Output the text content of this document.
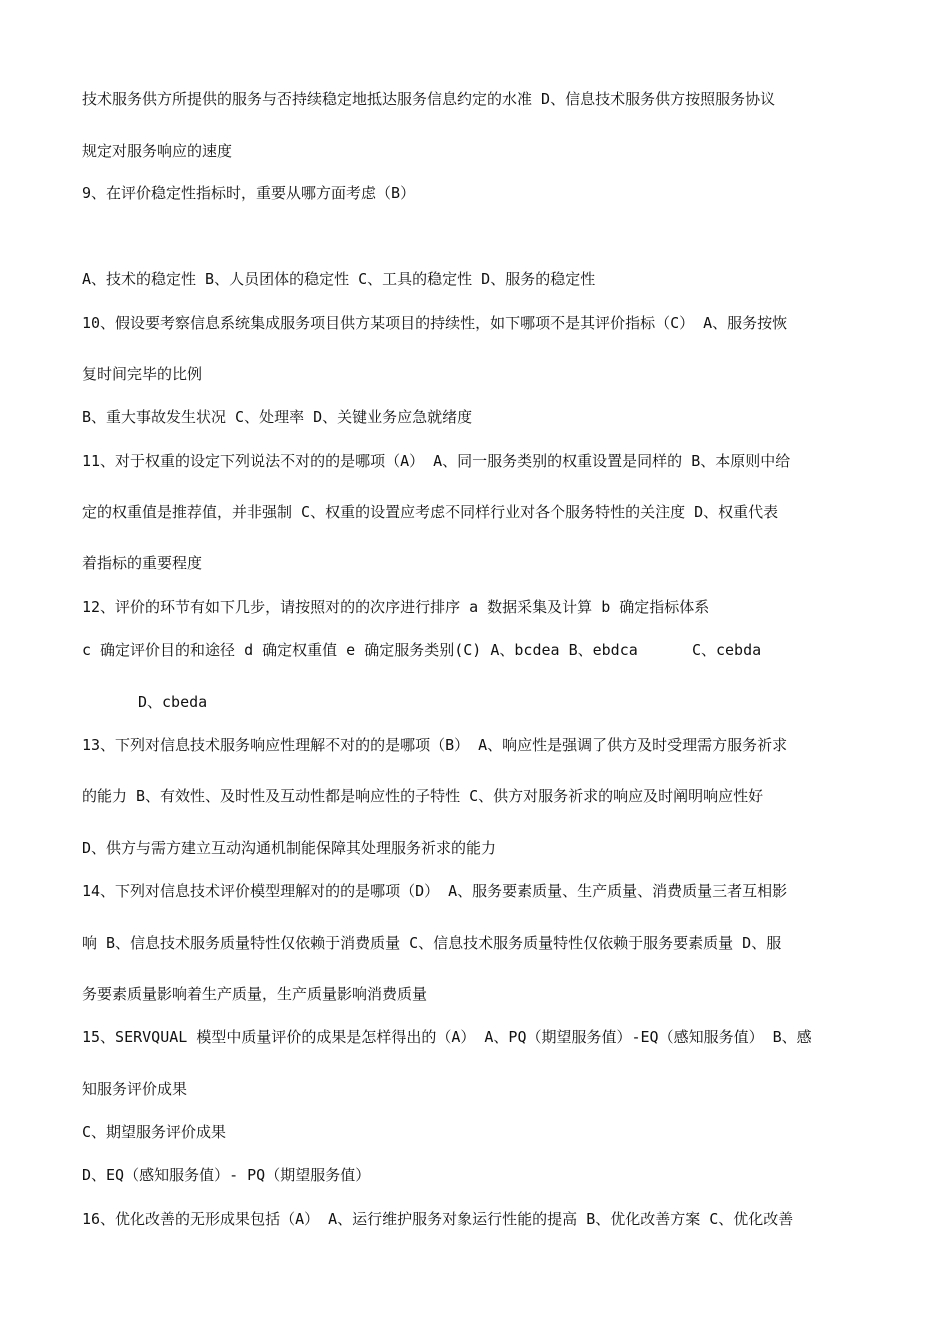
技术服务供方所提供的服务与否持续稳定地抵达服务信息约定的水准 D、信息技术服务供方按照服务协议
规定对服务响应的速度
9、在评价稳定性指标时，重要从哪方面考虑（B）
A、技术的稳定性 B、人员团体的稳定性 C、工具的稳定性 D、服务的稳定性
10、假设要考察信息系统集成服务项目供方某项目的持续性，如下哪项不是其评价指标（C） A、服务按恢
复时间完毕的比例
B、重大事故发生状况 C、处理率 D、关键业务应急就绪度
11、对于权重的设定下列说法不对的的是哪项（A） A、同一服务类别的权重设置是同样的 B、本原则中给
定的权重值是推荐值，并非强制 C、权重的设置应考虑不同样行业对各个服务特性的关注度 D、权重代表
着指标的重要程度
12、评价的环节有如下几步，请按照对的的次序进行排序 a 数据采集及计算 b 确定指标体系
c 确定评价目的和途径 d 确定权重值 e 确定服务类别(C) A、bcdea B、ebdca      C、cebda
D、cbeda
13、下列对信息技术服务响应性理解不对的的是哪项（B） A、响应性是强调了供方及时受理需方服务祈求
的能力 B、有效性、及时性及互动性都是响应性的子特性 C、供方对服务祈求的响应及时阐明响应性好
D、供方与需方建立互动沟通机制能保障其处理服务祈求的能力
14、下列对信息技术评价模型理解对的的是哪项（D） A、服务要素质量、生产质量、消费质量三者互相影
响 B、信息技术服务质量特性仅依赖于消费质量 C、信息技术服务质量特性仅依赖于服务要素质量 D、服
务要素质量影响着生产质量，生产质量影响消费质量
15、SERVQUAL 模型中质量评价的成果是怎样得出的（A） A、PQ（期望服务值）-EQ（感知服务值） B、感
知服务评价成果
C、期望服务评价成果
D、EQ（感知服务值）- PQ（期望服务值）
16、优化改善的无形成果包括（A） A、运行维护服务对象运行性能的提高 B、优化改善方案 C、优化改善
